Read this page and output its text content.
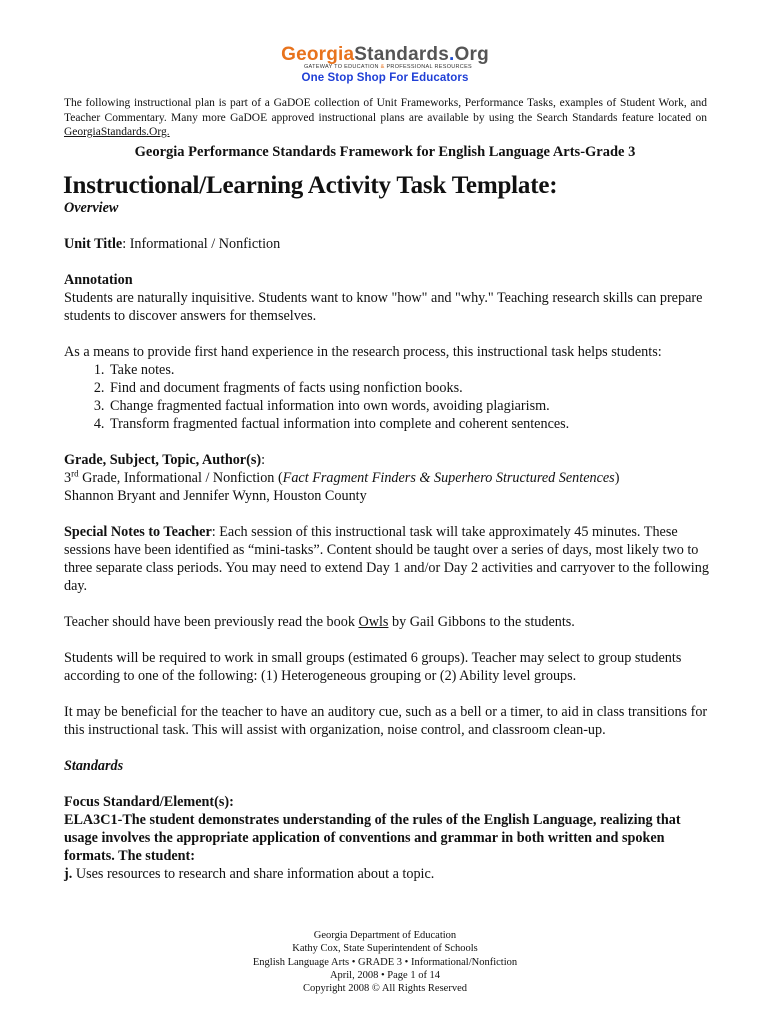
Georgia Standards . Org
GATEWAY TO EDUCATION & PROFESSIONAL RESOURCES
One Stop Shop For Educators

The following instructional plan is part of a GaDOE collection of Unit Frameworks, Performance Tasks, examples of Student Work, and Teacher Commentary. Many more GaDOE approved instructional plans are available by using the Search Standards feature located on GeorgiaStandards.Org.

Georgia Performance Standards Framework for English Language Arts-Grade 3

Instructional/Learning Activity Task Template:

Overview

Unit Title: Informational / Nonfiction

Annotation

Students are naturally inquisitive. Students want to know "how" and "why." Teaching research skills can prepare students to discover answers for themselves.

As a means to provide first hand experience in the research process, this instructional task helps students:

1. Take notes.
2. Find and document fragments of facts using nonfiction books.
3. Change fragmented factual information into own words, avoiding plagiarism.
4. Transform fragmented factual information into complete and coherent sentences.

Grade, Subject, Topic, Author(s):

3rd Grade, Informational / Nonfiction (Fact Fragment Finders & Superhero Structured Sentences)

Shannon Bryant and Jennifer Wynn, Houston County

Special Notes to Teacher: Each session of this instructional task will take approximately 45 minutes. These sessions have been identified as “mini-tasks”. Content should be taught over a series of days, most likely two to three separate class periods. You may need to extend Day 1 and/or Day 2 activities and carryover to the following day.

Teacher should have been previously read the book Owls by Gail Gibbons to the students.

Students will be required to work in small groups (estimated 6 groups). Teacher may select to group students according to one of the following: (1) Heterogeneous grouping or (2) Ability level groups.

It may be beneficial for the teacher to have an auditory cue, such as a bell or a timer, to aid in class transitions for this instructional task. This will assist with organization, noise control, and classroom clean-up.

Standards

Focus Standard/Element(s):

ELA3C1-The student demonstrates understanding of the rules of the English Language, realizing that usage involves the appropriate application of conventions and grammar in both written and spoken formats. The student:

j. Uses resources to research and share information about a topic.

Georgia Department of Education
Kathy Cox, State Superintendent of Schools
English Language Arts • GRADE 3 • Informational/Nonfiction
April, 2008 • Page 1 of 14
Copyright 2008 © All Rights Reserved
